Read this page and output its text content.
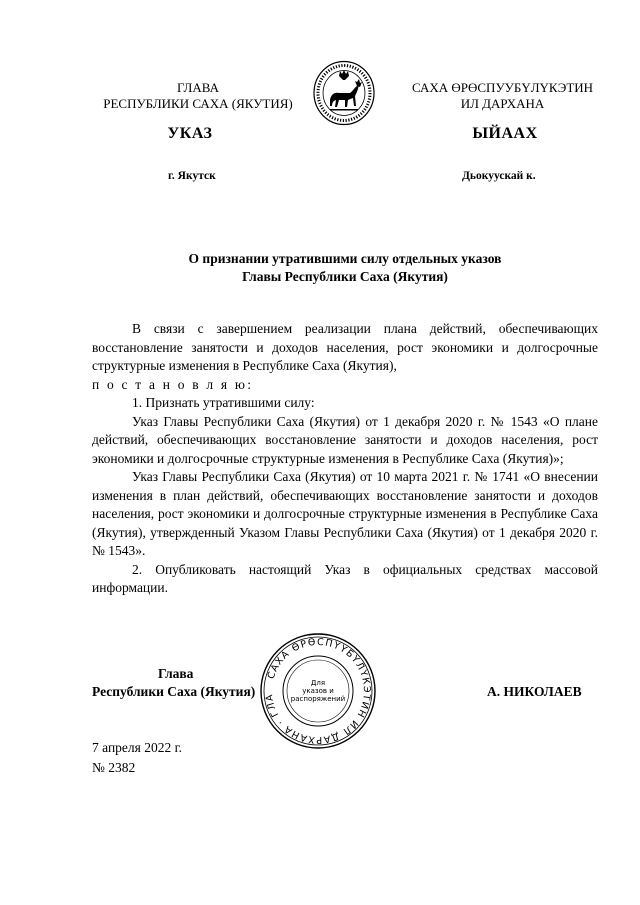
ГЛАВА
РЕСПУБЛИКИ САХА (ЯКУТИЯ)
САХА ӨРӨСПУУБҮЛҮКЭТИН
ИЛ ДАРХАНА
УКАЗ	ЫЙААХ
г. Якутск	Дьокуускай к.
О признании утратившими силу отдельных указов
Главы Республики Саха (Якутия)

В связи с завершением реализации плана действий, обеспечивающих восстановление занятости и доходов населения, рост экономики и долгосрочные структурные изменения в Республике Саха (Якутия),

п о с т а н о в л я ю:

1. Признать утратившими силу:

Указ Главы Республики Саха (Якутия) от 1 декабря 2020 г. № 1543 «О плане действий, обеспечивающих восстановление занятости и доходов населения, рост экономики и долгосрочные структурные изменения в Республике Саха (Якутия)»;

Указ Главы Республики Саха (Якутия) от 10 марта 2021 г. № 1741 «О внесении изменения в план действий, обеспечивающих восстановление занятости и доходов населения, рост экономики и долгосрочные структурные изменения в Республике Саха (Якутия), утвержденный Указом Главы Республики Саха (Якутия) от 1 декабря 2020 г. № 1543».

2. Опубликовать настоящий Указ в официальных средствах массовой информации.

Глава
Республики Саха (Якутия)	А. НИКОЛАЕВ
САХА ӨРӨСПҮҮБҮЛҮКЭТИН ИЛ ДАРХАНА · ГЛА
Для
указов и
распоряжений
7 апреля 2022 г.
№ 2382
